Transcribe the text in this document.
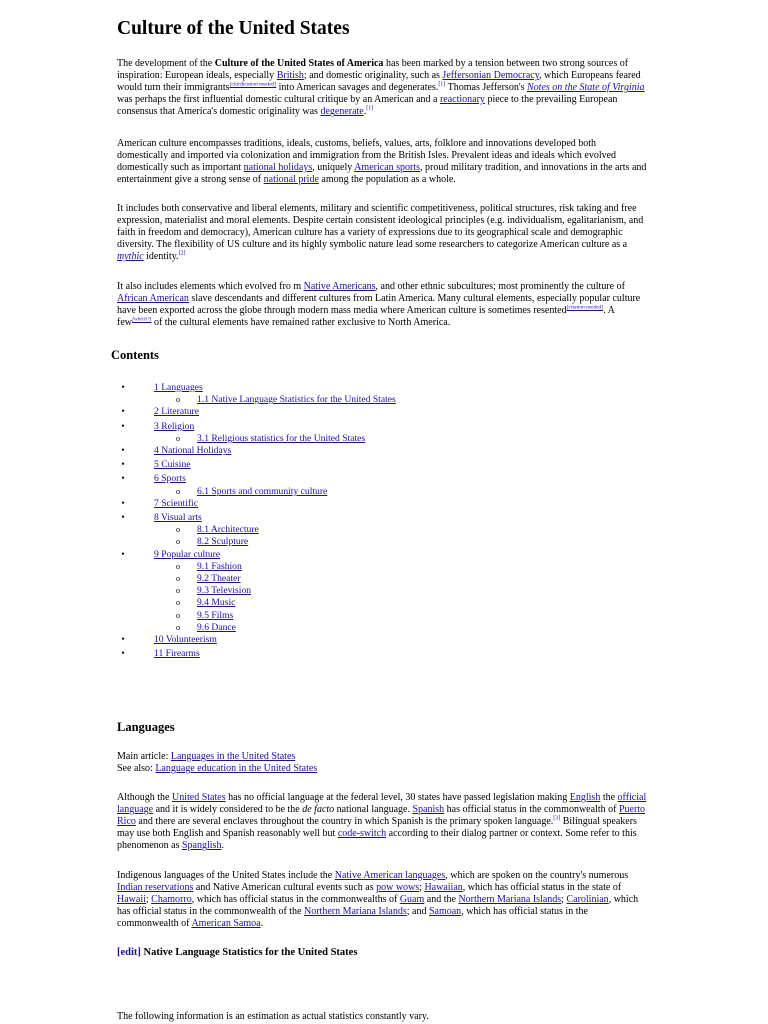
Culture of the United States

The development of the Culture of the United States of America has been marked by a tension between two strong sources of inspiration: European ideals, especially British; and domestic originality, such as Jeffersonian Democracy, which Europeans feared would turn their immigrants[clarification needed] into American savages and degenerates.[1] Thomas Jefferson's Notes on the State of Virginia was perhaps the first influential domestic cultural critique by an American and a reactionary piece to the prevailing European consensus that America's domestic originality was degenerate.[1]

American culture encompasses traditions, ideals, customs, beliefs, values, arts, folklore and innovations developed both domestically and imported via colonization and immigration from the British Isles. Prevalent ideas and ideals which evolved domestically such as important national holidays, uniquely American sports, proud military tradition, and innovations in the arts and entertainment give a strong sense of national pride among the population as a whole.

It includes both conservative and liberal elements, military and scientific competitiveness, political structures, risk taking and free expression, materialist and moral elements. Despite certain consistent ideological principles (e.g. individualism, egalitarianism, and faith in freedom and democracy), American culture has a variety of expressions due to its geographical scale and demographic diversity. The flexibility of US culture and its highly symbolic nature lead some researchers to categorize American culture as a mythic identity.[2]

It also includes elements which evolved fro m Native Americans, and other ethnic subcultures; most prominently the culture of African American slave descendants and different cultures from Latin America. Many cultural elements, especially popular culture have been exported across the globe through modern mass media where American culture is sometimes resented[citation needed]. A few[which?] of the cultural elements have remained rather exclusive to North America.

Contents
•	1 Languages
o	1.1 Native Language Statistics for the United States
•	2 Literature
•	3 Religion
o	3.1 Religious statistics for the United States
•	4 National Holidays
•	5 Cuisine
•	6 Sports
o	6.1 Sports and community culture
•	7 Scientific
•	8 Visual arts
o	8.1 Architecture
o	8.2 Sculpture
•	9 Popular culture
o	9.1 Fashion
o	9.2 Theater
o	9.3 Television
o	9.4 Music
o	9.5 Films
o	9.6 Dance
•	10 Volunteerism
•	11 Firearms
Languages

Main article: Languages in the United States

See also: Language education in the United States

Although the United States has no official language at the federal level, 30 states have passed legislation making English the official language and it is widely considered to be the de facto national language. Spanish has official status in the commonwealth of Puerto Rico and there are several enclaves throughout the country in which Spanish is the primary spoken language.[3] Bilingual speakers may use both English and Spanish reasonably well but code-switch according to their dialog partner or context. Some refer to this phenomenon as Spanglish.

Indigenous languages of the United States include the Native American languages, which are spoken on the country's numerous Indian reservations and Native American cultural events such as pow wows; Hawaiian, which has official status in the state of Hawaii; Chamorro, which has official status in the commonwealths of Guam and the Northern Mariana Islands; Carolinian, which has official status in the commonwealth of the Northern Mariana Islands; and Samoan, which has official status in the commonwealth of American Samoa.

[edit] Native Language Statistics for the United States
The following information is an estimation as actual statistics constantly vary.
